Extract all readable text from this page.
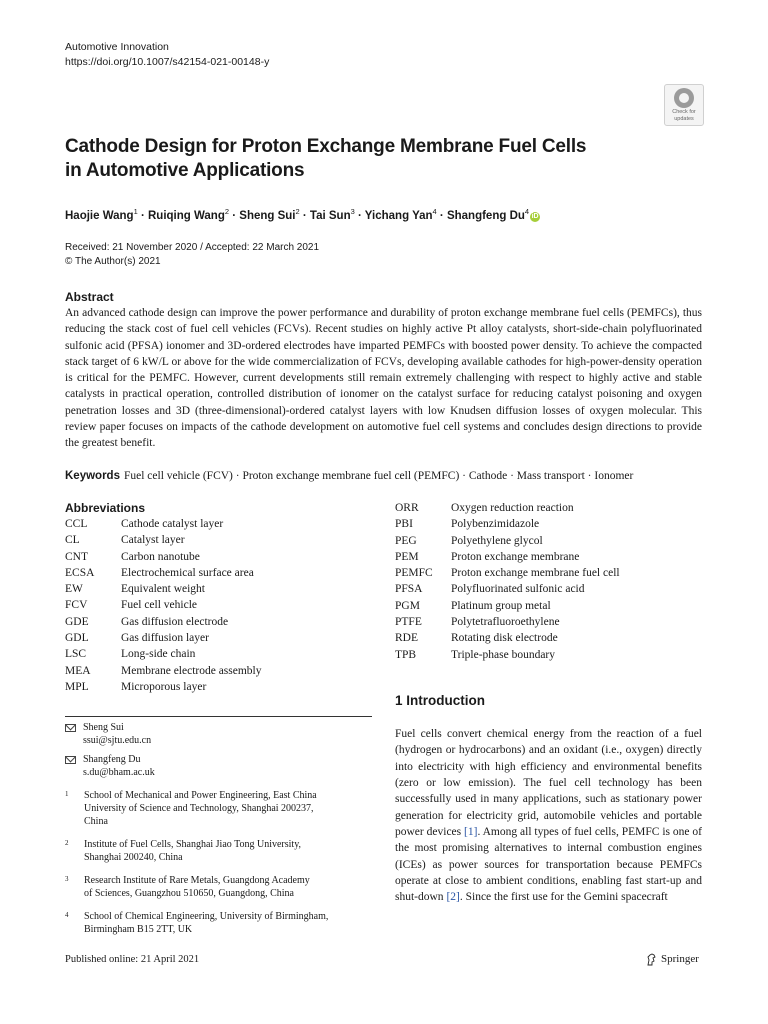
Automotive Innovation
https://doi.org/10.1007/s42154-021-00148-y
Check for
updates
Cathode Design for Proton Exchange Membrane Fuel Cells
in Automotive Applications
Haojie Wang$^1$ · Ruiqing Wang$^2$ · Sheng Sui$^2$ · Tai Sun$^3$ · Yichang Yan$^4$ · Shangfeng Du$^4$iD
Received: 21 November 2020 / Accepted: 22 March 2021
© The Author(s) 2021
Abstract
An advanced cathode design can improve the power performance and durability of proton exchange membrane fuel cells (PEMFCs), thus reducing the stack cost of fuel cell vehicles (FCVs). Recent studies on highly active Pt alloy catalysts, short-side-chain polyfluorinated sulfonic acid (PFSA) ionomer and 3D-ordered electrodes have imparted PEMFCs with boosted power density. To achieve the compacted stack target of 6 kW/L or above for the wide commercialization of FCVs, developing available cathodes for high-power-density operation is critical for the PEMFC. However, current developments still remain extremely challenging with respect to highly active and stable catalysts in practical operation, controlled distribution of ionomer on the catalyst surface for reducing catalyst poisoning and oxygen penetration losses and 3D (three-dimensional)-ordered catalyst layers with low Knudsen diffusion losses of oxygen molecular. This review paper focuses on impacts of the cathode development on automotive fuel cell systems and concludes design directions to provide the greatest benefit.
Keywords Fuel cell vehicle (FCV) · Proton exchange membrane fuel cell (PEMFC) · Cathode · Mass transport · Ionomer
Abbreviations
CCL	Cathode catalyst layer
CL	Catalyst layer
CNT	Carbon nanotube
ECSA	Electrochemical surface area
EW	Equivalent weight
FCV	Fuel cell vehicle
GDE	Gas diffusion electrode
GDL	Gas diffusion layer
LSC	Long-side chain
MEA	Membrane electrode assembly
MPL	Microporous layer
ORR	Oxygen reduction reaction
PBI	Polybenzimidazole
PEG	Polyethylene glycol
PEM	Proton exchange membrane
PEMFC	Proton exchange membrane fuel cell
PFSA	Polyfluorinated sulfonic acid
PGM	Platinum group metal
PTFE	Polytetrafluoroethylene
RDE	Rotating disk electrode
TPB	Triple-phase boundary
Sheng Sui
ssui@sjtu.edu.cn
Shangfeng Du
s.du@bham.ac.uk
1	School of Mechanical and Power Engineering, East China
University of Science and Technology, Shanghai 200237,
China
2	Institute of Fuel Cells, Shanghai Jiao Tong University,
Shanghai 200240, China
3	Research Institute of Rare Metals, Guangdong Academy
of Sciences, Guangzhou 510650, Guangdong, China
4	School of Chemical Engineering, University of Birmingham,
Birmingham B15 2TT, UK
1 Introduction
Fuel cells convert chemical energy from the reaction of a fuel (hydrogen or hydrocarbons) and an oxidant (i.e., oxygen) directly into electricity with high efficiency and environmental benefits (zero or low emission). The fuel cell technology has been successfully used in many applications, such as stationary power generation for electricity grid, automobile vehicles and portable power devices [1]. Among all types of fuel cells, PEMFC is one of the most promising alternatives to internal combustion engines (ICEs) as power sources for transportation because PEMFCs operate at close to ambient conditions, enabling fast start-up and shut-down [2]. Since the first use for the Gemini spacecraft
Published online: 21 April 2021	Springer
